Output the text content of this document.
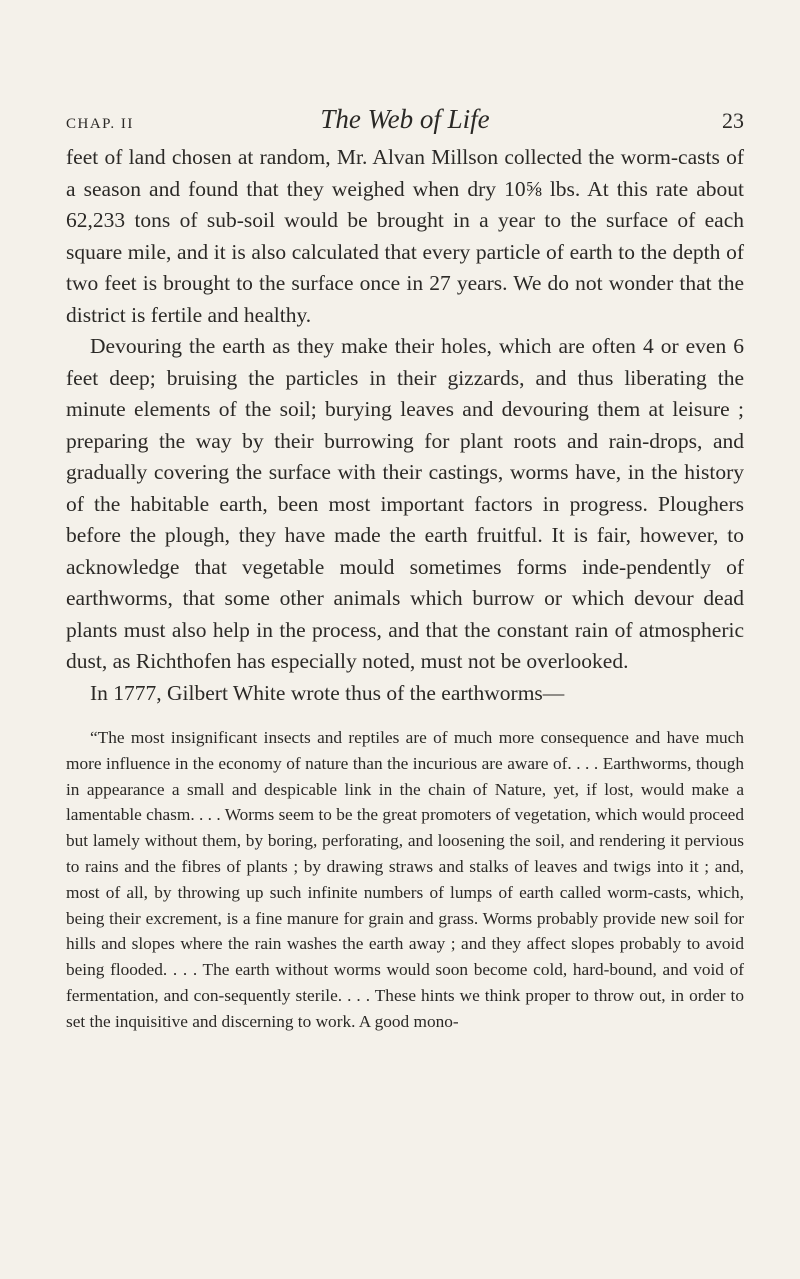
CHAP. II	The Web of Life	23

feet of land chosen at random, Mr. Alvan Millson collected the worm-casts of a season and found that they weighed when dry 10⅝ lbs. At this rate about 62,233 tons of sub-soil would be brought in a year to the surface of each square mile, and it is also calculated that every particle of earth to the depth of two feet is brought to the surface once in 27 years. We do not wonder that the district is fertile and healthy.

Devouring the earth as they make their holes, which are often 4 or even 6 feet deep; bruising the particles in their gizzards, and thus liberating the minute elements of the soil; burying leaves and devouring them at leisure ; preparing the way by their burrowing for plant roots and rain-drops, and gradually covering the surface with their castings, worms have, in the history of the habitable earth, been most important factors in progress. Ploughers before the plough, they have made the earth fruitful. It is fair, however, to acknowledge that vegetable mould sometimes forms inde-pendently of earthworms, that some other animals which burrow or which devour dead plants must also help in the process, and that the constant rain of atmospheric dust, as Richthofen has especially noted, must not be overlooked.

In 1777, Gilbert White wrote thus of the earthworms—

“The most insignificant insects and reptiles are of much more consequence and have much more influence in the economy of nature than the incurious are aware of. . . . Earthworms, though in appearance a small and despicable link in the chain of Nature, yet, if lost, would make a lamentable chasm. . . . Worms seem to be the great promoters of vegetation, which would proceed but lamely without them, by boring, perforating, and loosening the soil, and rendering it pervious to rains and the fibres of plants ; by drawing straws and stalks of leaves and twigs into it ; and, most of all, by throwing up such infinite numbers of lumps of earth called worm-casts, which, being their excrement, is a fine manure for grain and grass. Worms probably provide new soil for hills and slopes where the rain washes the earth away ; and they affect slopes probably to avoid being flooded. . . . The earth without worms would soon become cold, hard-bound, and void of fermentation, and con-sequently sterile. . . . These hints we think proper to throw out, in order to set the inquisitive and discerning to work. A good mono-
